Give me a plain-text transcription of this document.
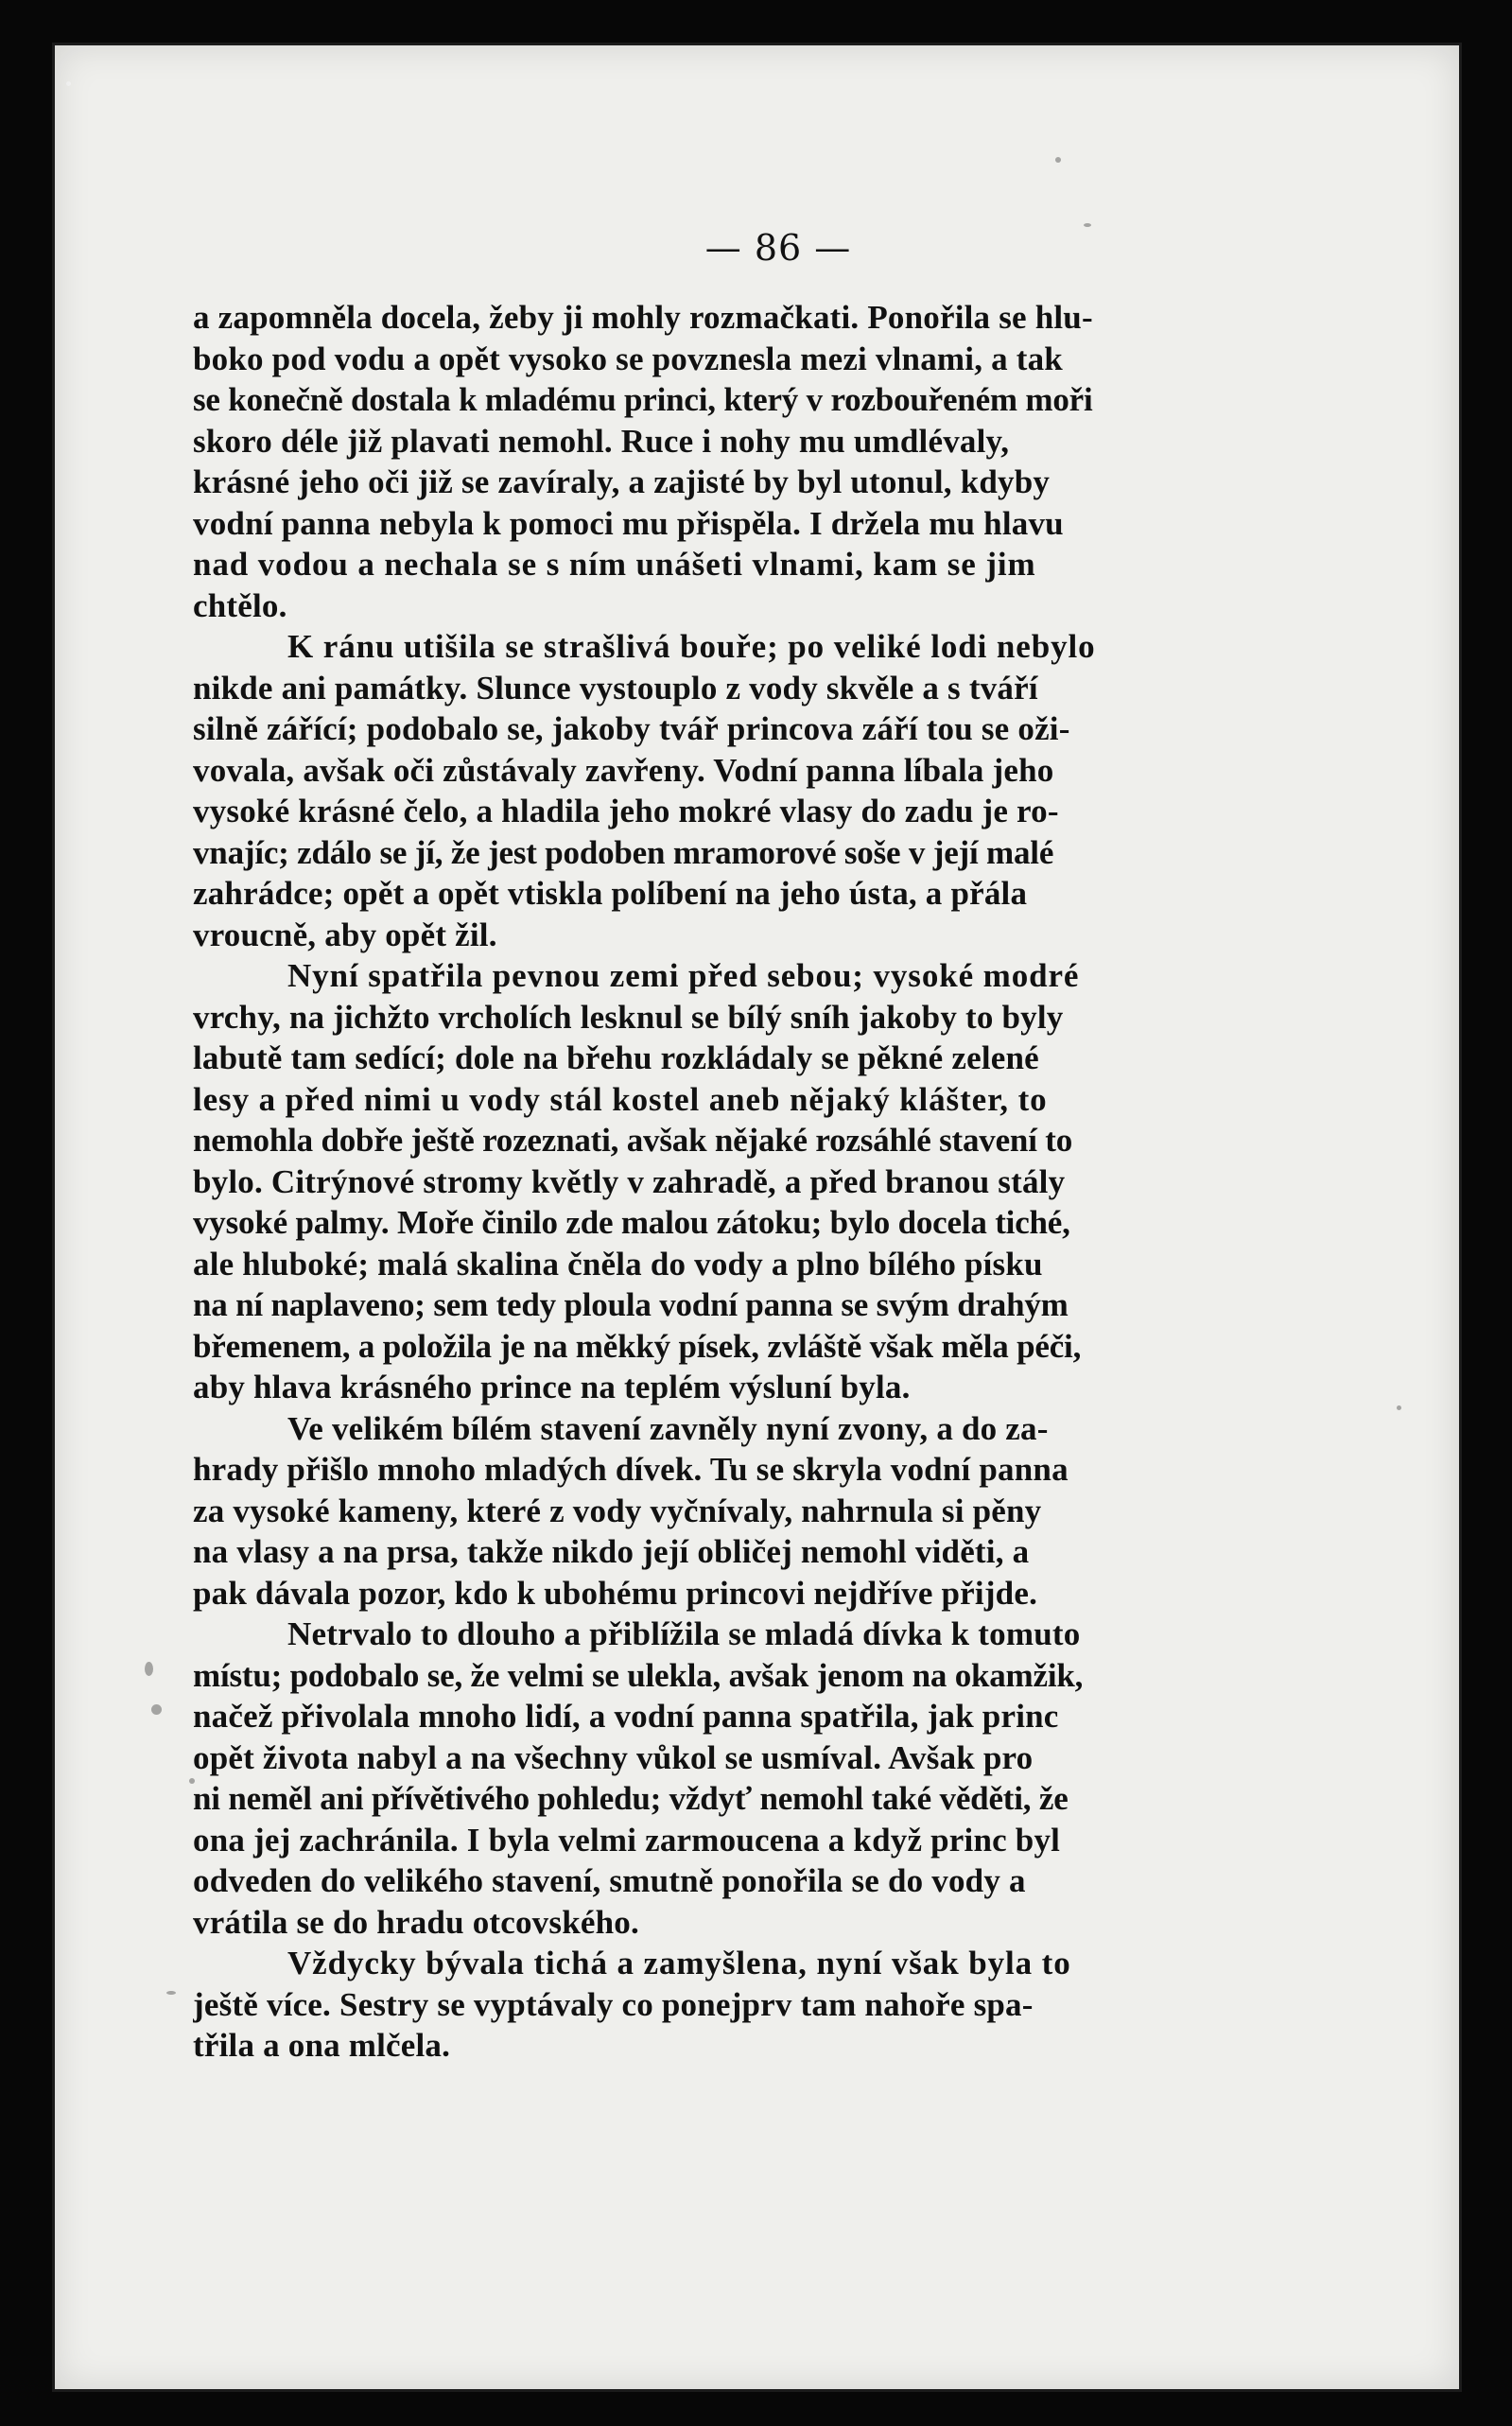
— 86 —

a zapomněla docela, žeby ji mohly rozmačkati. Ponořila se hlu-
boko pod vodu a opět vysoko se povznesla mezi vlnami, a tak
se konečně dostala k mladému princi, který v rozbouřeném moři
skoro déle již plavati nemohl. Ruce i nohy mu umdlévaly,
krásné jeho oči již se zavíraly, a zajisté by byl utonul, kdyby
vodní panna nebyla k pomoci mu přispěla. I držela mu hlavu
nad vodou a nechala se s ním unášeti vlnami, kam se jim
chtělo.

K ránu utišila se strašlivá bouře; po veliké lodi nebylo
nikde ani památky. Slunce vystouplo z vody skvěle a s tváří
silně zářící; podobalo se, jakoby tvář princova září tou se oži-
vovala, avšak oči zůstávaly zavřeny. Vodní panna líbala jeho
vysoké krásné čelo, a hladila jeho mokré vlasy do zadu je ro-
vnajíc; zdálo se jí, že jest podoben mramorové soše v její malé
zahrádce; opět a opět vtiskla políbení na jeho ústa, a přála
vroucně, aby opět žil.

Nyní spatřila pevnou zemi před sebou; vysoké modré
vrchy, na jichžto vrcholích lesknul se bílý sníh jakoby to byly
labutě tam sedící; dole na břehu rozkládaly se pěkné zelené
lesy a před nimi u vody stál kostel aneb nějaký klášter, to
nemohla dobře ještě rozeznati, avšak nějaké rozsáhlé stavení to
bylo. Citrýnové stromy květly v zahradě, a před branou stály
vysoké palmy. Moře činilo zde malou zátoku; bylo docela tiché,
ale hluboké; malá skalina čněla do vody a plno bílého písku
na ní naplaveno; sem tedy ploula vodní panna se svým drahým
břemenem, a položila je na měkký písek, zvláště však měla péči,
aby hlava krásného prince na teplém výsluní byla.

Ve velikém bílém stavení zavněly nyní zvony, a do za-
hrady přišlo mnoho mladých dívek. Tu se skryla vodní panna
za vysoké kameny, které z vody vyčnívaly, nahrnula si pěny
na vlasy a na prsa, takže nikdo její obličej nemohl viděti, a
pak dávala pozor, kdo k ubohému princovi nejdříve přijde.

Netrvalo to dlouho a přiblížila se mladá dívka k tomuto
místu; podobalo se, že velmi se ulekla, avšak jenom na okamžik,
načež přivolala mnoho lidí, a vodní panna spatřila, jak princ
opět života nabyl a na všechny vůkol se usmíval. Avšak pro
ni neměl ani přívětivého pohledu; vždyť nemohl také věděti, že
ona jej zachránila. I byla velmi zarmoucena a když princ byl
odveden do velikého stavení, smutně ponořila se do vody a
vrátila se do hradu otcovského.

Vždycky bývala tichá a zamyšlena, nyní však byla to
ještě více. Sestry se vyptávaly co ponejprv tam nahoře spa-
třila a ona mlčela.
